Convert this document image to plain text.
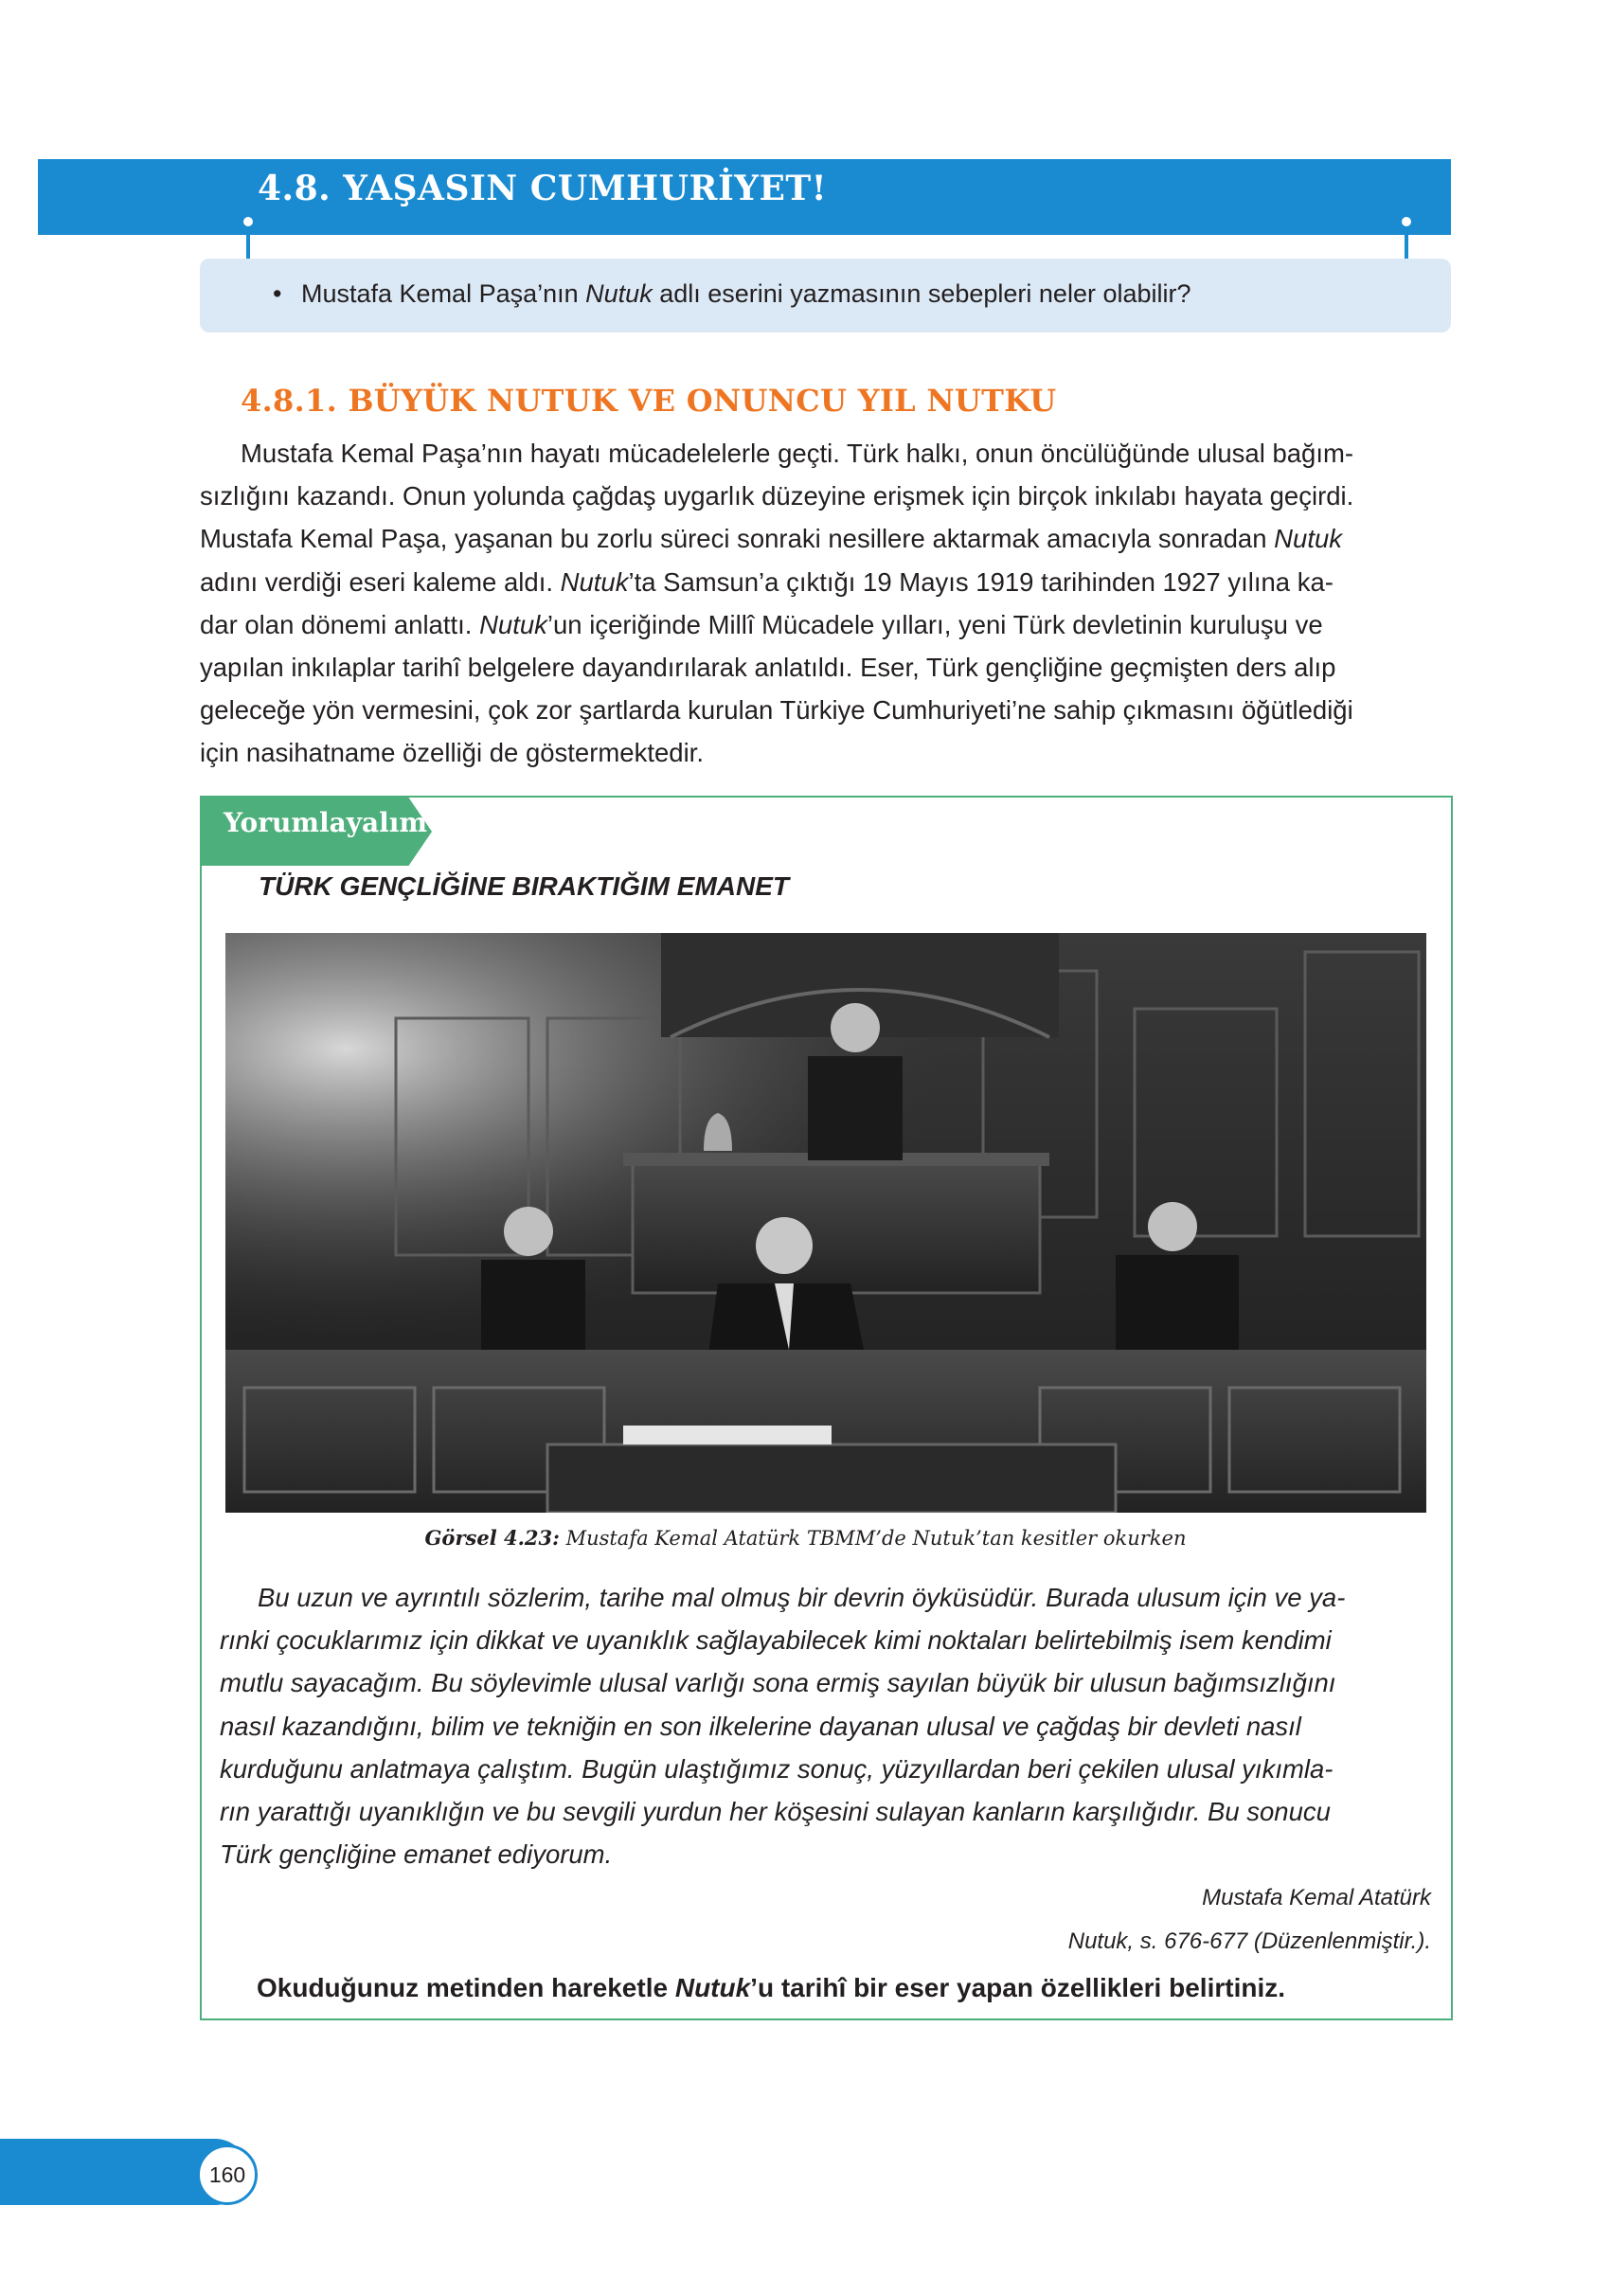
4.8. YAŞASIN CUMHURİYET!
• Mustafa Kemal Paşa’nın Nutuk adlı eserini yazmasının sebepleri neler olabilir?
4.8.1. BÜYÜK NUTUK VE ONUNCU YIL NUTKU
Mustafa Kemal Paşa’nın hayatı mücadelelerle geçti. Türk halkı, onun öncülüğünde ulusal bağım-
sızlığını kazandı. Onun yolunda çağdaş uygarlık düzeyine erişmek için birçok inkılabı hayata geçirdi.
Mustafa Kemal Paşa, yaşanan bu zorlu süreci sonraki nesillere aktarmak amacıyla sonradan Nutuk
adını verdiği eseri kaleme aldı. Nutuk’ta Samsun’a çıktığı 19 Mayıs 1919 tarihinden 1927 yılına ka-
dar olan dönemi anlattı. Nutuk’un içeriğinde Millî Mücadele yılları, yeni Türk devletinin kuruluşu ve
yapılan inkılaplar tarihî belgelere dayandırılarak anlatıldı. Eser, Türk gençliğine geçmişten ders alıp
geleceğe yön vermesini, çok zor şartlarda kurulan Türkiye Cumhuriyeti’ne sahip çıkmasını öğütlediği
için nasihatname özelliği de göstermektedir.
Yorumlayalım
TÜRK GENÇLİĞİNE BIRAKTIĞIM EMANET
Görsel 4.23: Mustafa Kemal Atatürk TBMM’de Nutuk’tan kesitler okurken
Bu uzun ve ayrıntılı sözlerim, tarihe mal olmuş bir devrin öyküsüdür. Burada ulusum için ve ya-
rınki çocuklarımız için dikkat ve uyanıklık sağlayabilecek kimi noktaları belirtebilmiş isem kendimi
mutlu sayacağım. Bu söylevimle ulusal varlığı sona ermiş sayılan büyük bir ulusun bağımsızlığını
nasıl kazandığını, bilim ve tekniğin en son ilkelerine dayanan ulusal ve çağdaş bir devleti nasıl
kurduğunu anlatmaya çalıştım. Bugün ulaştığımız sonuç, yüzyıllardan beri çekilen ulusal yıkımla-
rın yarattığı uyanıklığın ve bu sevgili yurdun her köşesini sulayan kanların karşılığıdır. Bu sonucu
Türk gençliğine emanet ediyorum.
Mustafa Kemal Atatürk
Nutuk, s. 676-677 (Düzenlenmiştir.).
Okuduğunuz metinden hareketle Nutuk’u tarihî bir eser yapan özellikleri belirtiniz.
160
